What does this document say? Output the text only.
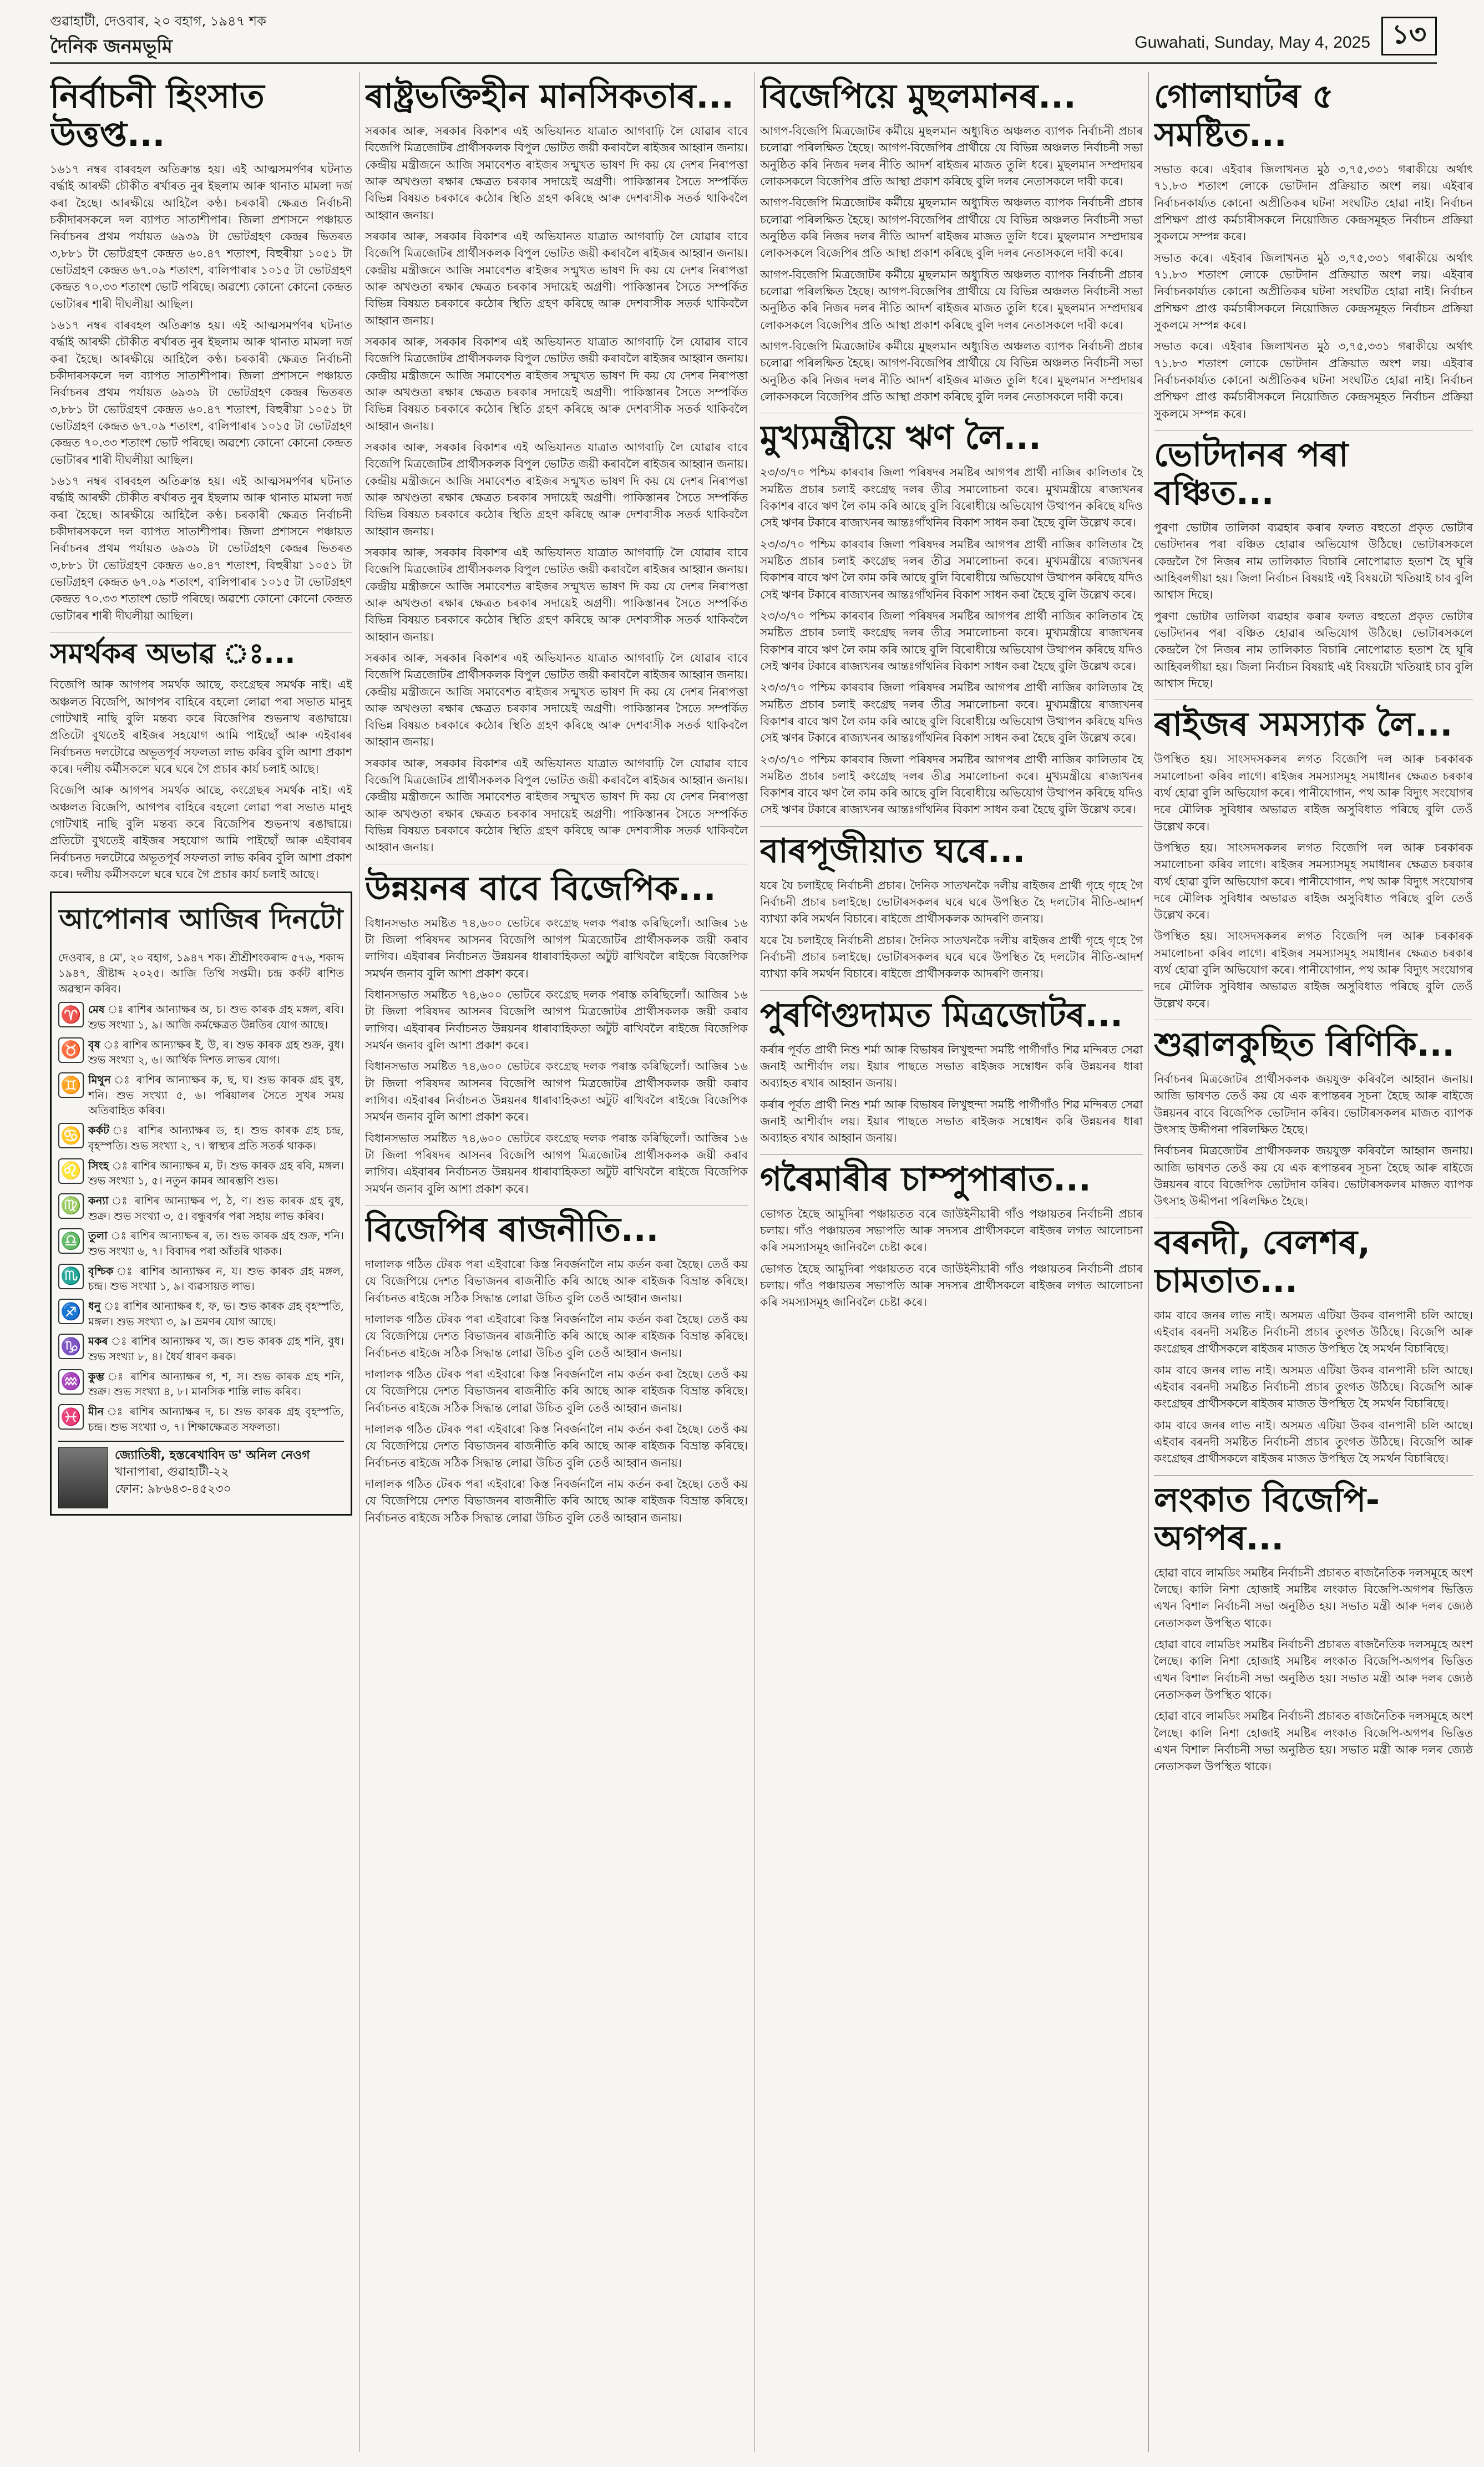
গুৱাহাটী, দেওবাৰ, ২০ বহাগ, ১৯৪৭ শক
দৈনিক জনমভূমি	Guwahati, Sunday, May 4, 2025 ১৩
নিৰ্বাচনী হিংসাত উত্তপ্ত...
১৬১৭ নম্বৰ বাৰবহল অতিক্ৰান্ত হয়। এই আত্মসমৰ্পণৰ ঘটনাত বৰ্দ্ধাই আৰক্ষী চৌকীত ৰৰ্খাৰত নুৰ ইছলাম আৰু থানাত মামলা দৰ্জ কৰা হৈছে। আৰক্ষীয়ে আহিলৈ কণ্ঠ। চৰকাৰী ক্ষেত্ৰত নিৰ্বাচনী চকীদাৰসকলে দল ব্যাপত সাতাশীপাৰ। জিলা প্ৰশাসনে পঞ্চায়ত নিৰ্বাচনৰ প্ৰথম পৰ্যায়ত ৬৯৩৯ টা ভোটগ্ৰহণ কেন্দ্ৰৰ ভিতৰত ৩,৮৮১ টা ভোটগ্ৰহণ কেন্দ্ৰত ৬০.৪৭ শতাংশ, বিহুৰীয়া ১০৫১ টা ভোটগ্ৰহণ কেন্দ্ৰত ৬৭.০৯ শতাংশ, বালিপাৰাৰ ১০১৫ টা ভোটগ্ৰহণ কেন্দ্ৰত ৭০.৩৩ শতাংশ ভোট পৰিছে। অৱশ্যে কোনো কোনো কেন্দ্ৰত ভোটাৰৰ শাৰী দীঘলীয়া আছিল।
১৬১৭ নম্বৰ বাৰবহল অতিক্ৰান্ত হয়। এই আত্মসমৰ্পণৰ ঘটনাত বৰ্দ্ধাই আৰক্ষী চৌকীত ৰৰ্খাৰত নুৰ ইছলাম আৰু থানাত মামলা দৰ্জ কৰা হৈছে। আৰক্ষীয়ে আহিলৈ কণ্ঠ। চৰকাৰী ক্ষেত্ৰত নিৰ্বাচনী চকীদাৰসকলে দল ব্যাপত সাতাশীপাৰ। জিলা প্ৰশাসনে পঞ্চায়ত নিৰ্বাচনৰ প্ৰথম পৰ্যায়ত ৬৯৩৯ টা ভোটগ্ৰহণ কেন্দ্ৰৰ ভিতৰত ৩,৮৮১ টা ভোটগ্ৰহণ কেন্দ্ৰত ৬০.৪৭ শতাংশ, বিহুৰীয়া ১০৫১ টা ভোটগ্ৰহণ কেন্দ্ৰত ৬৭.০৯ শতাংশ, বালিপাৰাৰ ১০১৫ টা ভোটগ্ৰহণ কেন্দ্ৰত ৭০.৩৩ শতাংশ ভোট পৰিছে। অৱশ্যে কোনো কোনো কেন্দ্ৰত ভোটাৰৰ শাৰী দীঘলীয়া আছিল।
১৬১৭ নম্বৰ বাৰবহল অতিক্ৰান্ত হয়। এই আত্মসমৰ্পণৰ ঘটনাত বৰ্দ্ধাই আৰক্ষী চৌকীত ৰৰ্খাৰত নুৰ ইছলাম আৰু থানাত মামলা দৰ্জ কৰা হৈছে। আৰক্ষীয়ে আহিলৈ কণ্ঠ। চৰকাৰী ক্ষেত্ৰত নিৰ্বাচনী চকীদাৰসকলে দল ব্যাপত সাতাশীপাৰ। জিলা প্ৰশাসনে পঞ্চায়ত নিৰ্বাচনৰ প্ৰথম পৰ্যায়ত ৬৯৩৯ টা ভোটগ্ৰহণ কেন্দ্ৰৰ ভিতৰত ৩,৮৮১ টা ভোটগ্ৰহণ কেন্দ্ৰত ৬০.৪৭ শতাংশ, বিহুৰীয়া ১০৫১ টা ভোটগ্ৰহণ কেন্দ্ৰত ৬৭.০৯ শতাংশ, বালিপাৰাৰ ১০১৫ টা ভোটগ্ৰহণ কেন্দ্ৰত ৭০.৩৩ শতাংশ ভোট পৰিছে। অৱশ্যে কোনো কোনো কেন্দ্ৰত ভোটাৰৰ শাৰী দীঘলীয়া আছিল।
সমৰ্থকৰ অভাৱ ঃ...
বিজেপি আৰু আগপৰ সমৰ্থক আছে, কংগ্ৰেছৰ সমৰ্থক নাই। এই অঞ্চলত বিজেপি, আগপৰ বাহিৰে বহলো লোৱা পৰা সভাত মানুহ গোটখাই নাছি বুলি মন্তব্য কৰে বিজেপিৰ শুভনাথ ৰঙাদ্বায়ে। প্ৰতিটো বুথতেই ৰাইজৰ সহযোগ আমি পাইছোঁ আৰু এইবাৰৰ নিৰ্বাচনত দলটোৱে অভূতপূৰ্ব সফলতা লাভ কৰিব বুলি আশা প্ৰকাশ কৰে। দলীয় কৰ্মীসকলে ঘৰে ঘৰে গৈ প্ৰচাৰ কাৰ্য চলাই আছে।
বিজেপি আৰু আগপৰ সমৰ্থক আছে, কংগ্ৰেছৰ সমৰ্থক নাই। এই অঞ্চলত বিজেপি, আগপৰ বাহিৰে বহলো লোৱা পৰা সভাত মানুহ গোটখাই নাছি বুলি মন্তব্য কৰে বিজেপিৰ শুভনাথ ৰঙাদ্বায়ে। প্ৰতিটো বুথতেই ৰাইজৰ সহযোগ আমি পাইছোঁ আৰু এইবাৰৰ নিৰ্বাচনত দলটোৱে অভূতপূৰ্ব সফলতা লাভ কৰিব বুলি আশা প্ৰকাশ কৰে। দলীয় কৰ্মীসকলে ঘৰে ঘৰে গৈ প্ৰচাৰ কাৰ্য চলাই আছে।
আপোনাৰ আজিৰ দিনটো
দেওবাৰ, ৪ মে', ২০ বহাগ, ১৯৪৭ শক। শ্ৰীশ্ৰীশংকৰাব্দ ৫৭৬, শকাব্দ ১৯৪৭, খ্ৰীষ্টাব্দ ২০২৫। আজি তিথি সপ্তমী। চন্দ্ৰ কৰ্কট ৰাশিত অৱস্থান কৰিব।
♈ মেষ ঃ ৰাশিৰ আন্যাক্ষৰ অ, চ। শুভ কাৰক গ্ৰহ মঙ্গল, ৰবি। শুভ সংখ্যা ১, ৯। আজি কৰ্মক্ষেত্ৰত উন্নতিৰ যোগ আছে।
♉ বৃষ ঃ ৰাশিৰ আন্যাক্ষৰ ই, উ, ৰ। শুভ কাৰক গ্ৰহ শুক্ৰ, বুধ। শুভ সংখ্যা ২, ৬। আৰ্থিক দিশত লাভৰ যোগ।
♊ মিথুন ঃ ৰাশিৰ আন্যাক্ষৰ ক, ছ, ঘ। শুভ কাৰক গ্ৰহ বুধ, শনি। শুভ সংখ্যা ৫, ৬। পৰিয়ালৰ সৈতে সুখৰ সময় অতিবাহিত কৰিব।
♋ কৰ্কট ঃ ৰাশিৰ আন্যাক্ষৰ ড, হ। শুভ কাৰক গ্ৰহ চন্দ্ৰ, বৃহস্পতি। শুভ সংখ্যা ২, ৭। স্বাস্থ্যৰ প্ৰতি সতৰ্ক থাকক।
♌ সিংহ ঃ ৰাশিৰ আন্যাক্ষৰ ম, ট। শুভ কাৰক গ্ৰহ ৰবি, মঙ্গল। শুভ সংখ্যা ১, ৫। নতুন কামৰ আৰম্ভণি শুভ।
♍ কন্যা ঃ ৰাশিৰ আন্যাক্ষৰ প, ঠ, ণ। শুভ কাৰক গ্ৰহ বুধ, শুক্ৰ। শুভ সংখ্যা ৩, ৫। বন্ধুবৰ্গৰ পৰা সহায় লাভ কৰিব।
♎ তুলা ঃ ৰাশিৰ আন্যাক্ষৰ ৰ, ত। শুভ কাৰক গ্ৰহ শুক্ৰ, শনি। শুভ সংখ্যা ৬, ৭। বিবাদৰ পৰা আঁতৰি থাকক।
♏ বৃশ্চিক ঃ ৰাশিৰ আন্যাক্ষৰ ন, য। শুভ কাৰক গ্ৰহ মঙ্গল, চন্দ্ৰ। শুভ সংখ্যা ১, ৯। ব্যৱসায়ত লাভ।
♐ ধনু ঃ ৰাশিৰ আন্যাক্ষৰ ধ, ফ, ভ। শুভ কাৰক গ্ৰহ বৃহস্পতি, মঙ্গল। শুভ সংখ্যা ৩, ৯। ভ্ৰমণৰ যোগ আছে।
♑ মকৰ ঃ ৰাশিৰ আন্যাক্ষৰ খ, জ। শুভ কাৰক গ্ৰহ শনি, বুধ। শুভ সংখ্যা ৮, ৪। ধৈৰ্য ধাৰণ কৰক।
♒ কুম্ভ ঃ ৰাশিৰ আন্যাক্ষৰ গ, শ, স। শুভ কাৰক গ্ৰহ শনি, শুক্ৰ। শুভ সংখ্যা ৪, ৮। মানসিক শান্তি লাভ কৰিব।
♓ মীন ঃ ৰাশিৰ আন্যাক্ষৰ দ, চ। শুভ কাৰক গ্ৰহ বৃহস্পতি, চন্দ্ৰ। শুভ সংখ্যা ৩, ৭। শিক্ষাক্ষেত্ৰত সফলতা।
জ্যোতিষী, হস্তৰেখাবিদ ড' অনিল নেওগ
খানাপাৰা, গুৱাহাটী-২২
ফোন: ৯৮৬৪৩-৪৫২৩০
ৰাষ্ট্ৰভক্তিহীন মানসিকতাৰ...
সৰকাৰ আৰু, সৰকাৰ বিকাশৰ এই অভিযানত যাত্ৰাত আগবাঢ়ি লৈ যোৱাৰ বাবে বিজেপি মিত্ৰজোটৰ প্ৰাৰ্থীসকলক বিপুল ভোটত জয়ী কৰাবলৈ ৰাইজৰ আহ্বান জনায়। কেন্দ্ৰীয় মন্ত্ৰীজনে আজি সমাবেশত ৰাইজৰ সন্মুখত ভাষণ দি কয় যে দেশৰ নিৰাপত্তা আৰু অখণ্ডতা ৰক্ষাৰ ক্ষেত্ৰত চৰকাৰ সদায়েই অগ্ৰণী। পাকিস্তানৰ সৈতে সম্পৰ্কিত বিভিন্ন বিষয়ত চৰকাৰে কঠোৰ স্থিতি গ্ৰহণ কৰিছে আৰু দেশবাসীক সতৰ্ক থাকিবলৈ আহ্বান জনায়।
সৰকাৰ আৰু, সৰকাৰ বিকাশৰ এই অভিযানত যাত্ৰাত আগবাঢ়ি লৈ যোৱাৰ বাবে বিজেপি মিত্ৰজোটৰ প্ৰাৰ্থীসকলক বিপুল ভোটত জয়ী কৰাবলৈ ৰাইজৰ আহ্বান জনায়। কেন্দ্ৰীয় মন্ত্ৰীজনে আজি সমাবেশত ৰাইজৰ সন্মুখত ভাষণ দি কয় যে দেশৰ নিৰাপত্তা আৰু অখণ্ডতা ৰক্ষাৰ ক্ষেত্ৰত চৰকাৰ সদায়েই অগ্ৰণী। পাকিস্তানৰ সৈতে সম্পৰ্কিত বিভিন্ন বিষয়ত চৰকাৰে কঠোৰ স্থিতি গ্ৰহণ কৰিছে আৰু দেশবাসীক সতৰ্ক থাকিবলৈ আহ্বান জনায়।
সৰকাৰ আৰু, সৰকাৰ বিকাশৰ এই অভিযানত যাত্ৰাত আগবাঢ়ি লৈ যোৱাৰ বাবে বিজেপি মিত্ৰজোটৰ প্ৰাৰ্থীসকলক বিপুল ভোটত জয়ী কৰাবলৈ ৰাইজৰ আহ্বান জনায়। কেন্দ্ৰীয় মন্ত্ৰীজনে আজি সমাবেশত ৰাইজৰ সন্মুখত ভাষণ দি কয় যে দেশৰ নিৰাপত্তা আৰু অখণ্ডতা ৰক্ষাৰ ক্ষেত্ৰত চৰকাৰ সদায়েই অগ্ৰণী। পাকিস্তানৰ সৈতে সম্পৰ্কিত বিভিন্ন বিষয়ত চৰকাৰে কঠোৰ স্থিতি গ্ৰহণ কৰিছে আৰু দেশবাসীক সতৰ্ক থাকিবলৈ আহ্বান জনায়।
সৰকাৰ আৰু, সৰকাৰ বিকাশৰ এই অভিযানত যাত্ৰাত আগবাঢ়ি লৈ যোৱাৰ বাবে বিজেপি মিত্ৰজোটৰ প্ৰাৰ্থীসকলক বিপুল ভোটত জয়ী কৰাবলৈ ৰাইজৰ আহ্বান জনায়। কেন্দ্ৰীয় মন্ত্ৰীজনে আজি সমাবেশত ৰাইজৰ সন্মুখত ভাষণ দি কয় যে দেশৰ নিৰাপত্তা আৰু অখণ্ডতা ৰক্ষাৰ ক্ষেত্ৰত চৰকাৰ সদায়েই অগ্ৰণী। পাকিস্তানৰ সৈতে সম্পৰ্কিত বিভিন্ন বিষয়ত চৰকাৰে কঠোৰ স্থিতি গ্ৰহণ কৰিছে আৰু দেশবাসীক সতৰ্ক থাকিবলৈ আহ্বান জনায়।
সৰকাৰ আৰু, সৰকাৰ বিকাশৰ এই অভিযানত যাত্ৰাত আগবাঢ়ি লৈ যোৱাৰ বাবে বিজেপি মিত্ৰজোটৰ প্ৰাৰ্থীসকলক বিপুল ভোটত জয়ী কৰাবলৈ ৰাইজৰ আহ্বান জনায়। কেন্দ্ৰীয় মন্ত্ৰীজনে আজি সমাবেশত ৰাইজৰ সন্মুখত ভাষণ দি কয় যে দেশৰ নিৰাপত্তা আৰু অখণ্ডতা ৰক্ষাৰ ক্ষেত্ৰত চৰকাৰ সদায়েই অগ্ৰণী। পাকিস্তানৰ সৈতে সম্পৰ্কিত বিভিন্ন বিষয়ত চৰকাৰে কঠোৰ স্থিতি গ্ৰহণ কৰিছে আৰু দেশবাসীক সতৰ্ক থাকিবলৈ আহ্বান জনায়।
সৰকাৰ আৰু, সৰকাৰ বিকাশৰ এই অভিযানত যাত্ৰাত আগবাঢ়ি লৈ যোৱাৰ বাবে বিজেপি মিত্ৰজোটৰ প্ৰাৰ্থীসকলক বিপুল ভোটত জয়ী কৰাবলৈ ৰাইজৰ আহ্বান জনায়। কেন্দ্ৰীয় মন্ত্ৰীজনে আজি সমাবেশত ৰাইজৰ সন্মুখত ভাষণ দি কয় যে দেশৰ নিৰাপত্তা আৰু অখণ্ডতা ৰক্ষাৰ ক্ষেত্ৰত চৰকাৰ সদায়েই অগ্ৰণী। পাকিস্তানৰ সৈতে সম্পৰ্কিত বিভিন্ন বিষয়ত চৰকাৰে কঠোৰ স্থিতি গ্ৰহণ কৰিছে আৰু দেশবাসীক সতৰ্ক থাকিবলৈ আহ্বান জনায়।
সৰকাৰ আৰু, সৰকাৰ বিকাশৰ এই অভিযানত যাত্ৰাত আগবাঢ়ি লৈ যোৱাৰ বাবে বিজেপি মিত্ৰজোটৰ প্ৰাৰ্থীসকলক বিপুল ভোটত জয়ী কৰাবলৈ ৰাইজৰ আহ্বান জনায়। কেন্দ্ৰীয় মন্ত্ৰীজনে আজি সমাবেশত ৰাইজৰ সন্মুখত ভাষণ দি কয় যে দেশৰ নিৰাপত্তা আৰু অখণ্ডতা ৰক্ষাৰ ক্ষেত্ৰত চৰকাৰ সদায়েই অগ্ৰণী। পাকিস্তানৰ সৈতে সম্পৰ্কিত বিভিন্ন বিষয়ত চৰকাৰে কঠোৰ স্থিতি গ্ৰহণ কৰিছে আৰু দেশবাসীক সতৰ্ক থাকিবলৈ আহ্বান জনায়।
উন্নয়নৰ বাবে বিজেপিক...
বিধানসভাত সমষ্টিত ৭৪,৬০০ ভোটৰে কংগ্ৰেছ দলক পৰাস্ত কৰিছিলোঁ। আজিৰ ১৬ টা জিলা পৰিষদৰ আসনৰ বিজেপি আগপ মিত্ৰজোটৰ প্ৰাৰ্থীসকলক জয়ী কৰাব লাগিব। এইবাৰৰ নিৰ্বাচনত উন্নয়নৰ ধাৰাবাহিকতা অটুট ৰাখিবলৈ ৰাইজে বিজেপিক সমৰ্থন জনাব বুলি আশা প্ৰকাশ কৰে।
বিধানসভাত সমষ্টিত ৭৪,৬০০ ভোটৰে কংগ্ৰেছ দলক পৰাস্ত কৰিছিলোঁ। আজিৰ ১৬ টা জিলা পৰিষদৰ আসনৰ বিজেপি আগপ মিত্ৰজোটৰ প্ৰাৰ্থীসকলক জয়ী কৰাব লাগিব। এইবাৰৰ নিৰ্বাচনত উন্নয়নৰ ধাৰাবাহিকতা অটুট ৰাখিবলৈ ৰাইজে বিজেপিক সমৰ্থন জনাব বুলি আশা প্ৰকাশ কৰে।
বিধানসভাত সমষ্টিত ৭৪,৬০০ ভোটৰে কংগ্ৰেছ দলক পৰাস্ত কৰিছিলোঁ। আজিৰ ১৬ টা জিলা পৰিষদৰ আসনৰ বিজেপি আগপ মিত্ৰজোটৰ প্ৰাৰ্থীসকলক জয়ী কৰাব লাগিব। এইবাৰৰ নিৰ্বাচনত উন্নয়নৰ ধাৰাবাহিকতা অটুট ৰাখিবলৈ ৰাইজে বিজেপিক সমৰ্থন জনাব বুলি আশা প্ৰকাশ কৰে।
বিধানসভাত সমষ্টিত ৭৪,৬০০ ভোটৰে কংগ্ৰেছ দলক পৰাস্ত কৰিছিলোঁ। আজিৰ ১৬ টা জিলা পৰিষদৰ আসনৰ বিজেপি আগপ মিত্ৰজোটৰ প্ৰাৰ্থীসকলক জয়ী কৰাব লাগিব। এইবাৰৰ নিৰ্বাচনত উন্নয়নৰ ধাৰাবাহিকতা অটুট ৰাখিবলৈ ৰাইজে বিজেপিক সমৰ্থন জনাব বুলি আশা প্ৰকাশ কৰে।
বিজেপিৰ ৰাজনীতি...
দালালক গঠিত টেৰক পৰা এইবাৰো কিস্ত নিবৰ্জনালৈ নাম কৰ্তন কৰা হৈছে। তেওঁ কয় যে বিজেপিয়ে দেশত বিভাজনৰ ৰাজনীতি কৰি আছে আৰু ৰাইজক বিভ্ৰান্ত কৰিছে। নিৰ্বাচনত ৰাইজে সঠিক সিদ্ধান্ত লোৱা উচিত বুলি তেওঁ আহ্বান জনায়।
দালালক গঠিত টেৰক পৰা এইবাৰো কিস্ত নিবৰ্জনালৈ নাম কৰ্তন কৰা হৈছে। তেওঁ কয় যে বিজেপিয়ে দেশত বিভাজনৰ ৰাজনীতি কৰি আছে আৰু ৰাইজক বিভ্ৰান্ত কৰিছে। নিৰ্বাচনত ৰাইজে সঠিক সিদ্ধান্ত লোৱা উচিত বুলি তেওঁ আহ্বান জনায়।
দালালক গঠিত টেৰক পৰা এইবাৰো কিস্ত নিবৰ্জনালৈ নাম কৰ্তন কৰা হৈছে। তেওঁ কয় যে বিজেপিয়ে দেশত বিভাজনৰ ৰাজনীতি কৰি আছে আৰু ৰাইজক বিভ্ৰান্ত কৰিছে। নিৰ্বাচনত ৰাইজে সঠিক সিদ্ধান্ত লোৱা উচিত বুলি তেওঁ আহ্বান জনায়।
দালালক গঠিত টেৰক পৰা এইবাৰো কিস্ত নিবৰ্জনালৈ নাম কৰ্তন কৰা হৈছে। তেওঁ কয় যে বিজেপিয়ে দেশত বিভাজনৰ ৰাজনীতি কৰি আছে আৰু ৰাইজক বিভ্ৰান্ত কৰিছে। নিৰ্বাচনত ৰাইজে সঠিক সিদ্ধান্ত লোৱা উচিত বুলি তেওঁ আহ্বান জনায়।
দালালক গঠিত টেৰক পৰা এইবাৰো কিস্ত নিবৰ্জনালৈ নাম কৰ্তন কৰা হৈছে। তেওঁ কয় যে বিজেপিয়ে দেশত বিভাজনৰ ৰাজনীতি কৰি আছে আৰু ৰাইজক বিভ্ৰান্ত কৰিছে। নিৰ্বাচনত ৰাইজে সঠিক সিদ্ধান্ত লোৱা উচিত বুলি তেওঁ আহ্বান জনায়।
বিজেপিয়ে মুছলমানৰ...
আগপ-বিজেপি মিত্ৰজোটৰ কৰ্মীয়ে মুছলমান অধ্যুষিত অঞ্চলত ব্যাপক নিৰ্বাচনী প্ৰচাৰ চলোৱা পৰিলক্ষিত হৈছে। আগপ-বিজেপিৰ প্ৰাৰ্থীয়ে যে বিভিন্ন অঞ্চলত নিৰ্বাচনী সভা অনুষ্ঠিত কৰি নিজৰ দলৰ নীতি আদৰ্শ ৰাইজৰ মাজত তুলি ধৰে। মুছলমান সম্প্ৰদায়ৰ লোকসকলে বিজেপিৰ প্ৰতি আস্থা প্ৰকাশ কৰিছে বুলি দলৰ নেতাসকলে দাবী কৰে।
আগপ-বিজেপি মিত্ৰজোটৰ কৰ্মীয়ে মুছলমান অধ্যুষিত অঞ্চলত ব্যাপক নিৰ্বাচনী প্ৰচাৰ চলোৱা পৰিলক্ষিত হৈছে। আগপ-বিজেপিৰ প্ৰাৰ্থীয়ে যে বিভিন্ন অঞ্চলত নিৰ্বাচনী সভা অনুষ্ঠিত কৰি নিজৰ দলৰ নীতি আদৰ্শ ৰাইজৰ মাজত তুলি ধৰে। মুছলমান সম্প্ৰদায়ৰ লোকসকলে বিজেপিৰ প্ৰতি আস্থা প্ৰকাশ কৰিছে বুলি দলৰ নেতাসকলে দাবী কৰে।
আগপ-বিজেপি মিত্ৰজোটৰ কৰ্মীয়ে মুছলমান অধ্যুষিত অঞ্চলত ব্যাপক নিৰ্বাচনী প্ৰচাৰ চলোৱা পৰিলক্ষিত হৈছে। আগপ-বিজেপিৰ প্ৰাৰ্থীয়ে যে বিভিন্ন অঞ্চলত নিৰ্বাচনী সভা অনুষ্ঠিত কৰি নিজৰ দলৰ নীতি আদৰ্শ ৰাইজৰ মাজত তুলি ধৰে। মুছলমান সম্প্ৰদায়ৰ লোকসকলে বিজেপিৰ প্ৰতি আস্থা প্ৰকাশ কৰিছে বুলি দলৰ নেতাসকলে দাবী কৰে।
আগপ-বিজেপি মিত্ৰজোটৰ কৰ্মীয়ে মুছলমান অধ্যুষিত অঞ্চলত ব্যাপক নিৰ্বাচনী প্ৰচাৰ চলোৱা পৰিলক্ষিত হৈছে। আগপ-বিজেপিৰ প্ৰাৰ্থীয়ে যে বিভিন্ন অঞ্চলত নিৰ্বাচনী সভা অনুষ্ঠিত কৰি নিজৰ দলৰ নীতি আদৰ্শ ৰাইজৰ মাজত তুলি ধৰে। মুছলমান সম্প্ৰদায়ৰ লোকসকলে বিজেপিৰ প্ৰতি আস্থা প্ৰকাশ কৰিছে বুলি দলৰ নেতাসকলে দাবী কৰে।
মুখ্যমন্ত্ৰীয়ে ঋণ লৈ...
২৩/৩/৭০ পশ্চিম কাৰবাৰ জিলা পৰিষদৰ সমষ্টিৰ আগপৰ প্ৰাৰ্থী নাজিৰ কালিতাৰ হৈ সমষ্টিত প্ৰচাৰ চলাই কংগ্ৰেছ দলৰ তীব্ৰ সমালোচনা কৰে। মুখ্যমন্ত্ৰীয়ে ৰাজ্যখনৰ বিকাশৰ বাবে ঋণ লৈ কাম কৰি আছে বুলি বিৰোধীয়ে অভিযোগ উত্থাপন কৰিছে যদিও সেই ঋণৰ টকাৰে ৰাজ্যখনৰ আন্তঃগাঁথনিৰ বিকাশ সাধন কৰা হৈছে বুলি উল্লেখ কৰে।
২৩/৩/৭০ পশ্চিম কাৰবাৰ জিলা পৰিষদৰ সমষ্টিৰ আগপৰ প্ৰাৰ্থী নাজিৰ কালিতাৰ হৈ সমষ্টিত প্ৰচাৰ চলাই কংগ্ৰেছ দলৰ তীব্ৰ সমালোচনা কৰে। মুখ্যমন্ত্ৰীয়ে ৰাজ্যখনৰ বিকাশৰ বাবে ঋণ লৈ কাম কৰি আছে বুলি বিৰোধীয়ে অভিযোগ উত্থাপন কৰিছে যদিও সেই ঋণৰ টকাৰে ৰাজ্যখনৰ আন্তঃগাঁথনিৰ বিকাশ সাধন কৰা হৈছে বুলি উল্লেখ কৰে।
২৩/৩/৭০ পশ্চিম কাৰবাৰ জিলা পৰিষদৰ সমষ্টিৰ আগপৰ প্ৰাৰ্থী নাজিৰ কালিতাৰ হৈ সমষ্টিত প্ৰচাৰ চলাই কংগ্ৰেছ দলৰ তীব্ৰ সমালোচনা কৰে। মুখ্যমন্ত্ৰীয়ে ৰাজ্যখনৰ বিকাশৰ বাবে ঋণ লৈ কাম কৰি আছে বুলি বিৰোধীয়ে অভিযোগ উত্থাপন কৰিছে যদিও সেই ঋণৰ টকাৰে ৰাজ্যখনৰ আন্তঃগাঁথনিৰ বিকাশ সাধন কৰা হৈছে বুলি উল্লেখ কৰে।
২৩/৩/৭০ পশ্চিম কাৰবাৰ জিলা পৰিষদৰ সমষ্টিৰ আগপৰ প্ৰাৰ্থী নাজিৰ কালিতাৰ হৈ সমষ্টিত প্ৰচাৰ চলাই কংগ্ৰেছ দলৰ তীব্ৰ সমালোচনা কৰে। মুখ্যমন্ত্ৰীয়ে ৰাজ্যখনৰ বিকাশৰ বাবে ঋণ লৈ কাম কৰি আছে বুলি বিৰোধীয়ে অভিযোগ উত্থাপন কৰিছে যদিও সেই ঋণৰ টকাৰে ৰাজ্যখনৰ আন্তঃগাঁথনিৰ বিকাশ সাধন কৰা হৈছে বুলি উল্লেখ কৰে।
২৩/৩/৭০ পশ্চিম কাৰবাৰ জিলা পৰিষদৰ সমষ্টিৰ আগপৰ প্ৰাৰ্থী নাজিৰ কালিতাৰ হৈ সমষ্টিত প্ৰচাৰ চলাই কংগ্ৰেছ দলৰ তীব্ৰ সমালোচনা কৰে। মুখ্যমন্ত্ৰীয়ে ৰাজ্যখনৰ বিকাশৰ বাবে ঋণ লৈ কাম কৰি আছে বুলি বিৰোধীয়ে অভিযোগ উত্থাপন কৰিছে যদিও সেই ঋণৰ টকাৰে ৰাজ্যখনৰ আন্তঃগাঁথনিৰ বিকাশ সাধন কৰা হৈছে বুলি উল্লেখ কৰে।
বাৰপূজীয়াত ঘৰে...
যৰে যৈ চলাইছে নিৰ্বাচনী প্ৰচাৰ। দৈনিক সাতখনকৈ দলীয় ৰাইজৰ প্ৰাৰ্থী গৃহে গৃহে গৈ নিৰ্বাচনী প্ৰচাৰ চলাইছে। ভোটাৰসকলৰ ঘৰে ঘৰে উপস্থিত হৈ দলটোৰ নীতি-আদৰ্শ ব্যাখ্যা কৰি সমৰ্থন বিচাৰে। ৰাইজে প্ৰাৰ্থীসকলক আদৰণি জনায়।
যৰে যৈ চলাইছে নিৰ্বাচনী প্ৰচাৰ। দৈনিক সাতখনকৈ দলীয় ৰাইজৰ প্ৰাৰ্থী গৃহে গৃহে গৈ নিৰ্বাচনী প্ৰচাৰ চলাইছে। ভোটাৰসকলৰ ঘৰে ঘৰে উপস্থিত হৈ দলটোৰ নীতি-আদৰ্শ ব্যাখ্যা কৰি সমৰ্থন বিচাৰে। ৰাইজে প্ৰাৰ্থীসকলক আদৰণি জনায়।
পুৰণিগুদামত মিত্ৰজোটৰ...
কৰ্ৰাৰ পূৰ্বত প্ৰাৰ্থী নিশু শৰ্মা আৰু বিভাষৰ লিখুহুন্দা সমষ্টি পাৰ্গীগাঁও শিৱ মন্দিৰত সেৱা জনাই আশীৰ্বাদ লয়। ইয়াৰ পাছতে সভাত ৰাইজক সম্বোধন কৰি উন্নয়নৰ ধাৰা অব্যাহত ৰখাৰ আহ্বান জনায়।
কৰ্ৰাৰ পূৰ্বত প্ৰাৰ্থী নিশু শৰ্মা আৰু বিভাষৰ লিখুহুন্দা সমষ্টি পাৰ্গীগাঁও শিৱ মন্দিৰত সেৱা জনাই আশীৰ্বাদ লয়। ইয়াৰ পাছতে সভাত ৰাইজক সম্বোধন কৰি উন্নয়নৰ ধাৰা অব্যাহত ৰখাৰ আহ্বান জনায়।
গৰৈমাৰীৰ চাম্পুপাৰাত...
ভোগত হৈছে আমুদিৰা পঞ্চায়তত বৰে জাউইনীয়াৰী গাঁও পঞ্চায়তৰ নিৰ্বাচনী প্ৰচাৰ চলায়। গাঁও পঞ্চায়তৰ সভাপতি আৰু সদস্যৰ প্ৰাৰ্থীসকলে ৰাইজৰ লগত আলোচনা কৰি সমস্যাসমূহ জানিবলৈ চেষ্টা কৰে।
ভোগত হৈছে আমুদিৰা পঞ্চায়তত বৰে জাউইনীয়াৰী গাঁও পঞ্চায়তৰ নিৰ্বাচনী প্ৰচাৰ চলায়। গাঁও পঞ্চায়তৰ সভাপতি আৰু সদস্যৰ প্ৰাৰ্থীসকলে ৰাইজৰ লগত আলোচনা কৰি সমস্যাসমূহ জানিবলৈ চেষ্টা কৰে।
গোলাঘাটৰ ৫ সমষ্টিত...
সভাত কৰে। এইবাৰ জিলাখনত মুঠ ৩,৭৫,৩৩১ গৰাকীয়ে অৰ্থাৎ ৭১.৮৩ শতাংশ লোকে ভোটদান প্ৰক্ৰিয়াত অংশ লয়। এইবাৰ নিৰ্বাচনকাৰ্য্যত কোনো অপ্ৰীতিকৰ ঘটনা সংঘটিত হোৱা নাই। নিৰ্বাচন প্ৰশিক্ষণ প্ৰাপ্ত কৰ্মচাৰীসকলে নিয়োজিত কেন্দ্ৰসমূহত নিৰ্বাচন প্ৰক্ৰিয়া সুকলমে সম্পন্ন কৰে।
সভাত কৰে। এইবাৰ জিলাখনত মুঠ ৩,৭৫,৩৩১ গৰাকীয়ে অৰ্থাৎ ৭১.৮৩ শতাংশ লোকে ভোটদান প্ৰক্ৰিয়াত অংশ লয়। এইবাৰ নিৰ্বাচনকাৰ্য্যত কোনো অপ্ৰীতিকৰ ঘটনা সংঘটিত হোৱা নাই। নিৰ্বাচন প্ৰশিক্ষণ প্ৰাপ্ত কৰ্মচাৰীসকলে নিয়োজিত কেন্দ্ৰসমূহত নিৰ্বাচন প্ৰক্ৰিয়া সুকলমে সম্পন্ন কৰে।
সভাত কৰে। এইবাৰ জিলাখনত মুঠ ৩,৭৫,৩৩১ গৰাকীয়ে অৰ্থাৎ ৭১.৮৩ শতাংশ লোকে ভোটদান প্ৰক্ৰিয়াত অংশ লয়। এইবাৰ নিৰ্বাচনকাৰ্য্যত কোনো অপ্ৰীতিকৰ ঘটনা সংঘটিত হোৱা নাই। নিৰ্বাচন প্ৰশিক্ষণ প্ৰাপ্ত কৰ্মচাৰীসকলে নিয়োজিত কেন্দ্ৰসমূহত নিৰ্বাচন প্ৰক্ৰিয়া সুকলমে সম্পন্ন কৰে।
ভোটদানৰ পৰা বঞ্চিত...
পুৰণা ভোটাৰ তালিকা ব্যৱহাৰ কৰাৰ ফলত বহুতো প্ৰকৃত ভোটাৰ ভোটদানৰ পৰা বঞ্চিত হোৱাৰ অভিযোগ উঠিছে। ভোটাৰসকলে কেন্দ্ৰলৈ গৈ নিজৰ নাম তালিকাত বিচাৰি নোপোৱাত হতাশ হৈ ঘূৰি আহিবলগীয়া হয়। জিলা নিৰ্বাচন বিষয়াই এই বিষয়টো খতিয়াই চাব বুলি আশ্বাস দিছে।
পুৰণা ভোটাৰ তালিকা ব্যৱহাৰ কৰাৰ ফলত বহুতো প্ৰকৃত ভোটাৰ ভোটদানৰ পৰা বঞ্চিত হোৱাৰ অভিযোগ উঠিছে। ভোটাৰসকলে কেন্দ্ৰলৈ গৈ নিজৰ নাম তালিকাত বিচাৰি নোপোৱাত হতাশ হৈ ঘূৰি আহিবলগীয়া হয়। জিলা নিৰ্বাচন বিষয়াই এই বিষয়টো খতিয়াই চাব বুলি আশ্বাস দিছে।
ৰাইজৰ সমস্যাক লৈ...
উপস্থিত হয়। সাংসদসকলৰ লগত বিজেপি দল আৰু চৰকাৰক সমালোচনা কৰিব লাগে। ৰাইজৰ সমস্যাসমূহ সমাধানৰ ক্ষেত্ৰত চৰকাৰ ব্যৰ্থ হোৱা বুলি অভিযোগ কৰে। পানীযোগান, পথ আৰু বিদ্যুৎ সংযোগৰ দৰে মৌলিক সুবিধাৰ অভাৱত ৰাইজ অসুবিধাত পৰিছে বুলি তেওঁ উল্লেখ কৰে।
উপস্থিত হয়। সাংসদসকলৰ লগত বিজেপি দল আৰু চৰকাৰক সমালোচনা কৰিব লাগে। ৰাইজৰ সমস্যাসমূহ সমাধানৰ ক্ষেত্ৰত চৰকাৰ ব্যৰ্থ হোৱা বুলি অভিযোগ কৰে। পানীযোগান, পথ আৰু বিদ্যুৎ সংযোগৰ দৰে মৌলিক সুবিধাৰ অভাৱত ৰাইজ অসুবিধাত পৰিছে বুলি তেওঁ উল্লেখ কৰে।
উপস্থিত হয়। সাংসদসকলৰ লগত বিজেপি দল আৰু চৰকাৰক সমালোচনা কৰিব লাগে। ৰাইজৰ সমস্যাসমূহ সমাধানৰ ক্ষেত্ৰত চৰকাৰ ব্যৰ্থ হোৱা বুলি অভিযোগ কৰে। পানীযোগান, পথ আৰু বিদ্যুৎ সংযোগৰ দৰে মৌলিক সুবিধাৰ অভাৱত ৰাইজ অসুবিধাত পৰিছে বুলি তেওঁ উল্লেখ কৰে।
শুৱালকুছিত ৰিণিকি...
নিৰ্বাচনৰ মিত্ৰজোটৰ প্ৰাৰ্থীসকলক জয়যুক্ত কৰিবলৈ আহ্বান জনায়। আজি ভাষণত তেওঁ কয় যে এক ৰূপান্তৰৰ সূচনা হৈছে আৰু ৰাইজে উন্নয়নৰ বাবে বিজেপিক ভোটদান কৰিব। ভোটাৰসকলৰ মাজত ব্যাপক উৎসাহ উদ্দীপনা পৰিলক্ষিত হৈছে।
নিৰ্বাচনৰ মিত্ৰজোটৰ প্ৰাৰ্থীসকলক জয়যুক্ত কৰিবলৈ আহ্বান জনায়। আজি ভাষণত তেওঁ কয় যে এক ৰূপান্তৰৰ সূচনা হৈছে আৰু ৰাইজে উন্নয়নৰ বাবে বিজেপিক ভোটদান কৰিব। ভোটাৰসকলৰ মাজত ব্যাপক উৎসাহ উদ্দীপনা পৰিলক্ষিত হৈছে।
বৰনদী, বেলশৰ, চামতাত...
কাম বাবে জনৰ লাভ নাই। অসমত এটিয়া উকৰ বানপানী চলি আছে। এইবাৰ বৰনদী সমষ্টিত নিৰ্বাচনী প্ৰচাৰ তুংগত উঠিছে। বিজেপি আৰু কংগ্ৰেছৰ প্ৰাৰ্থীসকলে ৰাইজৰ মাজত উপস্থিত হৈ সমৰ্থন বিচাৰিছে।
কাম বাবে জনৰ লাভ নাই। অসমত এটিয়া উকৰ বানপানী চলি আছে। এইবাৰ বৰনদী সমষ্টিত নিৰ্বাচনী প্ৰচাৰ তুংগত উঠিছে। বিজেপি আৰু কংগ্ৰেছৰ প্ৰাৰ্থীসকলে ৰাইজৰ মাজত উপস্থিত হৈ সমৰ্থন বিচাৰিছে।
কাম বাবে জনৰ লাভ নাই। অসমত এটিয়া উকৰ বানপানী চলি আছে। এইবাৰ বৰনদী সমষ্টিত নিৰ্বাচনী প্ৰচাৰ তুংগত উঠিছে। বিজেপি আৰু কংগ্ৰেছৰ প্ৰাৰ্থীসকলে ৰাইজৰ মাজত উপস্থিত হৈ সমৰ্থন বিচাৰিছে।
লংকাত বিজেপি-অগপৰ...
হোৱা বাবে লামডিং সমষ্টিৰ নিৰ্বাচনী প্ৰচাৰত ৰাজনৈতিক দলসমূহে অংশ লৈছে। কালি নিশা হোজাই সমষ্টিৰ লংকাত বিজেপি-অগপৰ ভিত্তিত এখন বিশাল নিৰ্বাচনী সভা অনুষ্ঠিত হয়। সভাত মন্ত্ৰী আৰু দলৰ জ্যেষ্ঠ নেতাসকল উপস্থিত থাকে।
হোৱা বাবে লামডিং সমষ্টিৰ নিৰ্বাচনী প্ৰচাৰত ৰাজনৈতিক দলসমূহে অংশ লৈছে। কালি নিশা হোজাই সমষ্টিৰ লংকাত বিজেপি-অগপৰ ভিত্তিত এখন বিশাল নিৰ্বাচনী সভা অনুষ্ঠিত হয়। সভাত মন্ত্ৰী আৰু দলৰ জ্যেষ্ঠ নেতাসকল উপস্থিত থাকে।
হোৱা বাবে লামডিং সমষ্টিৰ নিৰ্বাচনী প্ৰচাৰত ৰাজনৈতিক দলসমূহে অংশ লৈছে। কালি নিশা হোজাই সমষ্টিৰ লংকাত বিজেপি-অগপৰ ভিত্তিত এখন বিশাল নিৰ্বাচনী সভা অনুষ্ঠিত হয়। সভাত মন্ত্ৰী আৰু দলৰ জ্যেষ্ঠ নেতাসকল উপস্থিত থাকে।
